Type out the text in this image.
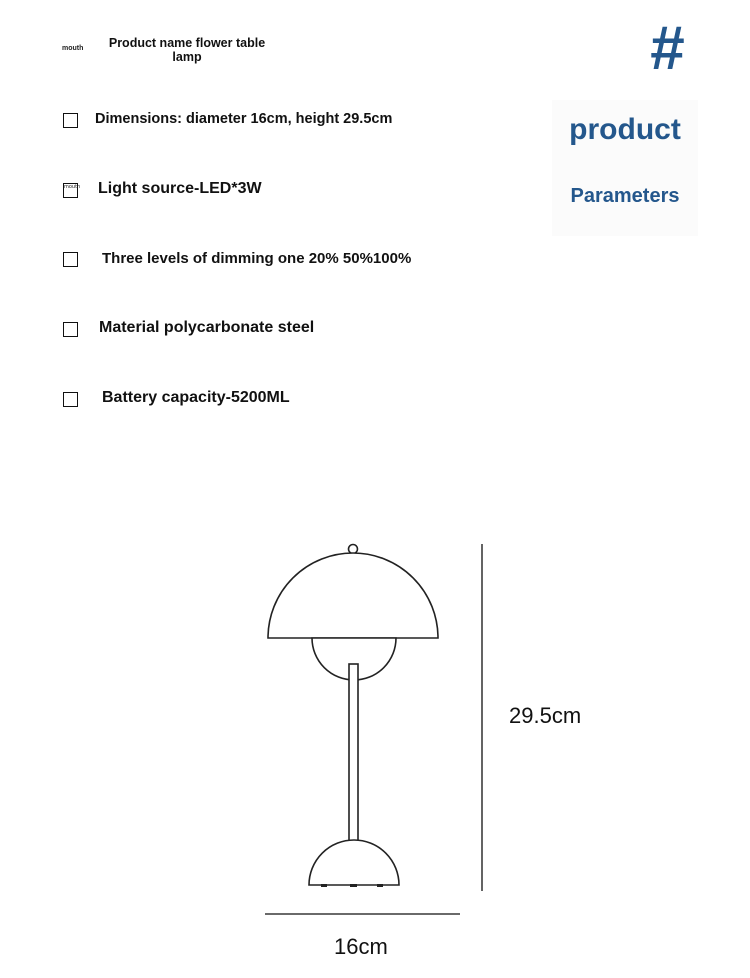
mouth	Product name flower table lamp	#
product
Parameters
Dimensions: diameter 16cm, height 29.5cm
mouth Light source-LED*3W
Three levels of dimming one 20% 50%100%
Material polycarbonate steel
Battery capacity-5200ML
29.5cm
16cm
